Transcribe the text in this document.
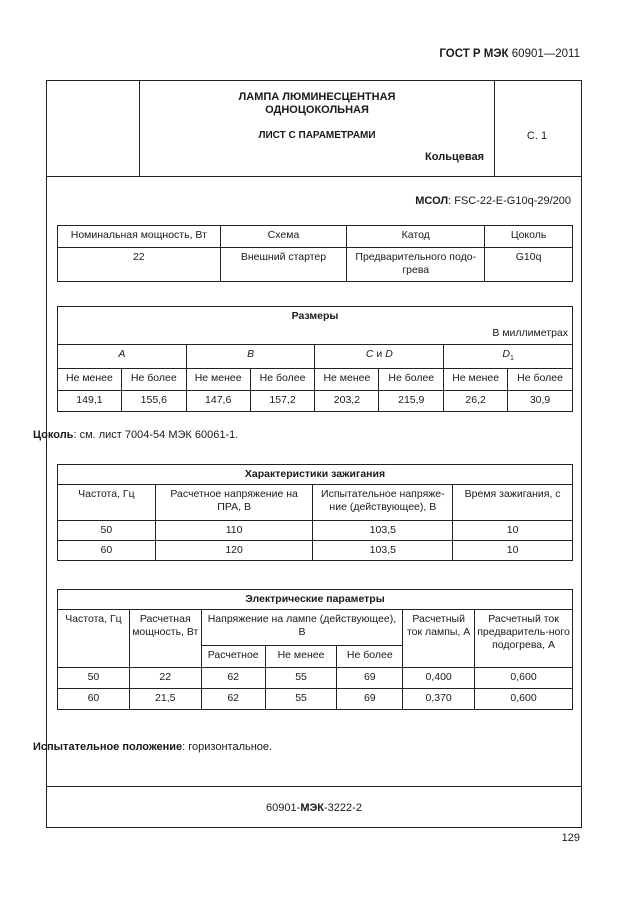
ГОСТ Р МЭК 60901—2011
ЛАМПА ЛЮМИНЕСЦЕНТНАЯ
ОДНОЦОКОЛЬНАЯ
ЛИСТ С ПАРАМЕТРАМИ
Кольцевая
С. 1
МСОЛ: FSC-22-E-G10q-29/200
Номинальная мощность, Вт	Схема	Катод	Цоколь
22	Внешний стартер	Предварительного подо-грева	G10q
Размеры
В миллиметрах							

A		B		C и D		$D_1$
Не менее	Не более	Не менее	Не более	Не менее	Не более	Не менее	Не более
149,1	155,6	147,6	157,2	203,2	215,9	26,2	30,9
Цоколь: см. лист 7004-54 МЭК 60061-1.
Характеристики зажигания			
Частота, Гц	Расчетное напряжение на ПРА, В	Испытательное напряже-ние (действующее), В	Время зажигания, с
50	110	103,5	10
60	120	103,5	10
Электрические параметры						
Частота, Гц	Расчетная мощность, Вт	Напряжение на лампе (действующее), В			Расчетный ток лампы, А	Расчетный ток предваритель-ного подогрева, А
		Расчетное	Не менее	Не более		
50	22	62	55	69	0,400	0,600
60	21,5	62	55	69	0,370	0,600
Испытательное положение: горизонтальное.
60901-МЭК-3222-2
129
